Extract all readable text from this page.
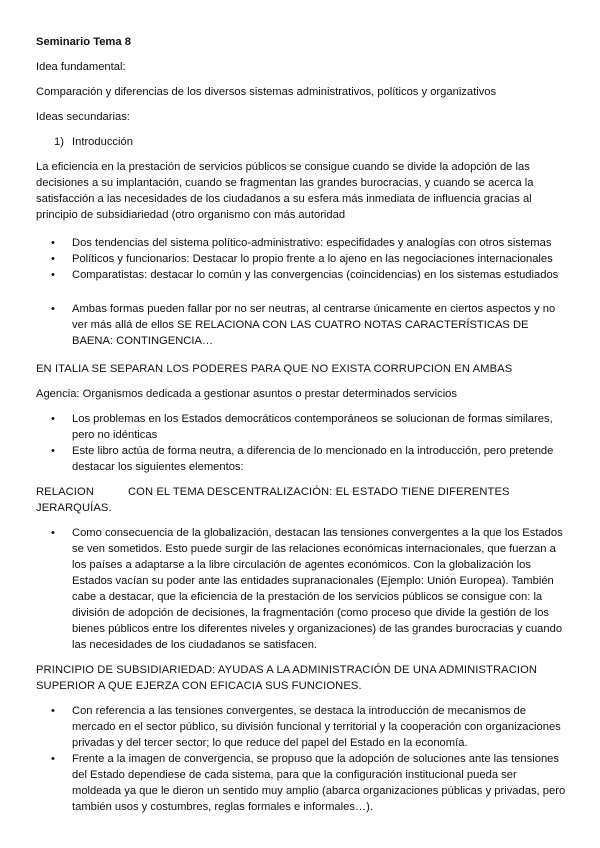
Seminario Tema 8

Idea fundamental:

Comparación y diferencias de los diversos sistemas administrativos, políticos y organizativos

Ideas secundarias:

1) Introducción

La eficiencia en la prestación de servicios públicos se consigue cuando se divide la adopción de las decisiones a su implantación, cuando se fragmentan las grandes burocracias, y cuando se acerca la satisfacción a las necesidades de los ciudadanos a su esfera más inmediata de influencia gracias al principio de subsidiariedad (otro organismo con más autoridad

• Dos tendencias del sistema político-administrativo: especifidades y analogías con otros sistemas
• Políticos y funcionarios: Destacar lo propio frente a lo ajeno en las negociaciones internacionales
• Comparatistas: destacar lo común y las convergencias (coincidencias) en los sistemas estudiados
• Ambas formas pueden fallar por no ser neutras, al centrarse únicamente en ciertos aspectos y no ver más allá de ellos SE RELACIONA CON LAS CUATRO NOTAS CARACTERÍSTICAS DE BAENA: CONTINGENCIA…

EN ITALIA SE SEPARAN LOS PODERES PARA QUE NO EXISTA CORRUPCION EN AMBAS

Agencia: Organismos dedicada a gestionar asuntos o prestar determinados servicios

• Los problemas en los Estados democráticos contemporáneos se solucionan de formas similares, pero no idénticas
• Este libro actúa de forma neutra, a diferencia de lo mencionado en la introducción, pero pretende destacar los siguientes elementos:

RELACION	CON EL TEMA DESCENTRALIZACIÓN: EL ESTADO TIENE DIFERENTES JERARQUÍAS.

• Como consecuencia de la globalización, destacan las tensiones convergentes a la que los Estados se ven sometidos. Esto puede surgir de las relaciones económicas internacionales, que fuerzan a los países a adaptarse a la libre circulación de agentes económicos. Con la globalización los Estados vacían su poder ante las entidades supranacionales (Ejemplo: Unión Europea). También cabe a destacar, que la eficiencia de la prestación de los servicios públicos se consigue con: la división de adopción de decisiones, la fragmentación (como proceso que divide la gestión de los bienes públicos entre los diferentes niveles y organizaciones) de las grandes burocracias y cuando las necesidades de los ciudadanos se satisfacen.

PRINCIPIO DE SUBSIDIARIEDAD: AYUDAS A LA ADMINISTRACIÓN DE UNA ADMINISTRACION SUPERIOR A QUE EJERZA CON EFICACIA SUS FUNCIONES.

• Con referencia a las tensiones convergentes, se destaca la introducción de mecanismos de mercado en el sector público, su división funcional y territorial y la cooperación con organizaciones privadas y del tercer sector; lo que reduce del papel del Estado en la economía.
• Frente a la imagen de convergencia, se propuso que la adopción de soluciones ante las tensiones del Estado dependiese de cada sistema, para que la configuración institucional pueda ser moldeada ya que le dieron un sentido muy amplio (abarca organizaciones públicas y privadas, pero también usos y costumbres, reglas formales e informales…).
